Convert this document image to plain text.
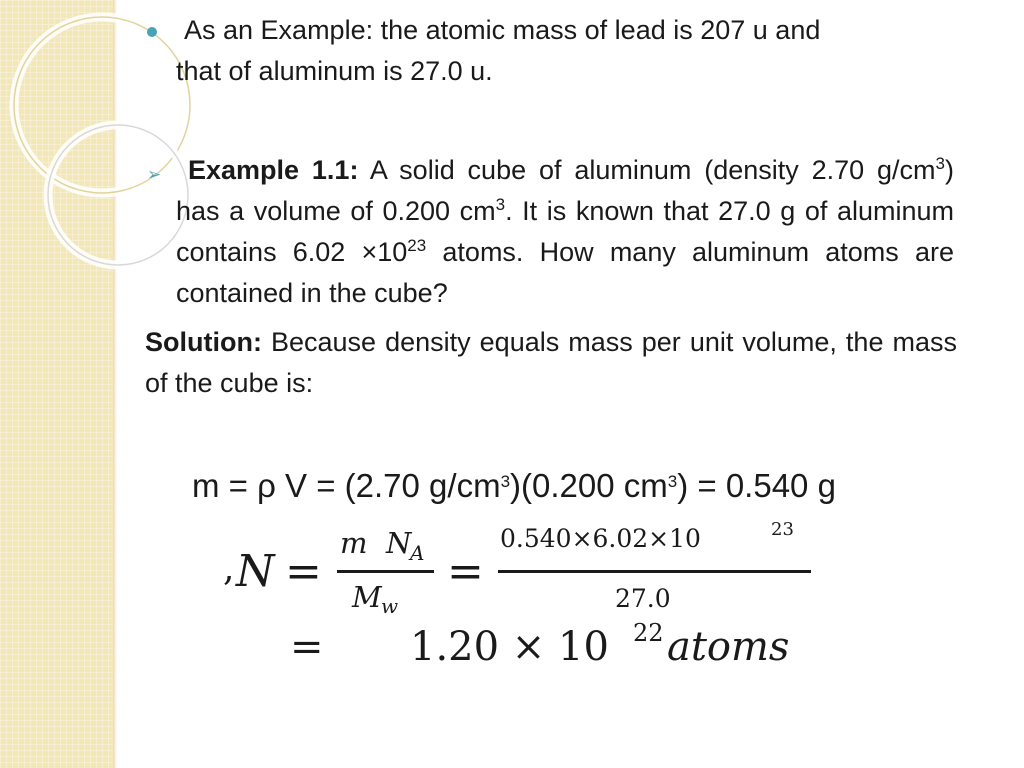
As an Example: the atomic mass of lead is 207 u and
that of aluminum is 27.0 u.
➢ Example 1.1: A solid cube of aluminum (density 2.70 $g/cm^3$) has a volume of 0.200 $cm^3$. It is known that 27.0 g of aluminum contains $6.02 \times 10^{23}$ atoms. How many aluminum atoms are contained in the cube?
Solution: Because density equals mass per unit volume, the mass of the cube is:
m = ρ V = (2.70 $g/cm^3)(0.200$ $cm^3) = 0.540$ g
, N =
m N
A
M w
=
0.540×6.02×10	23
27.0
= 1.20 × 10 22 atoms
